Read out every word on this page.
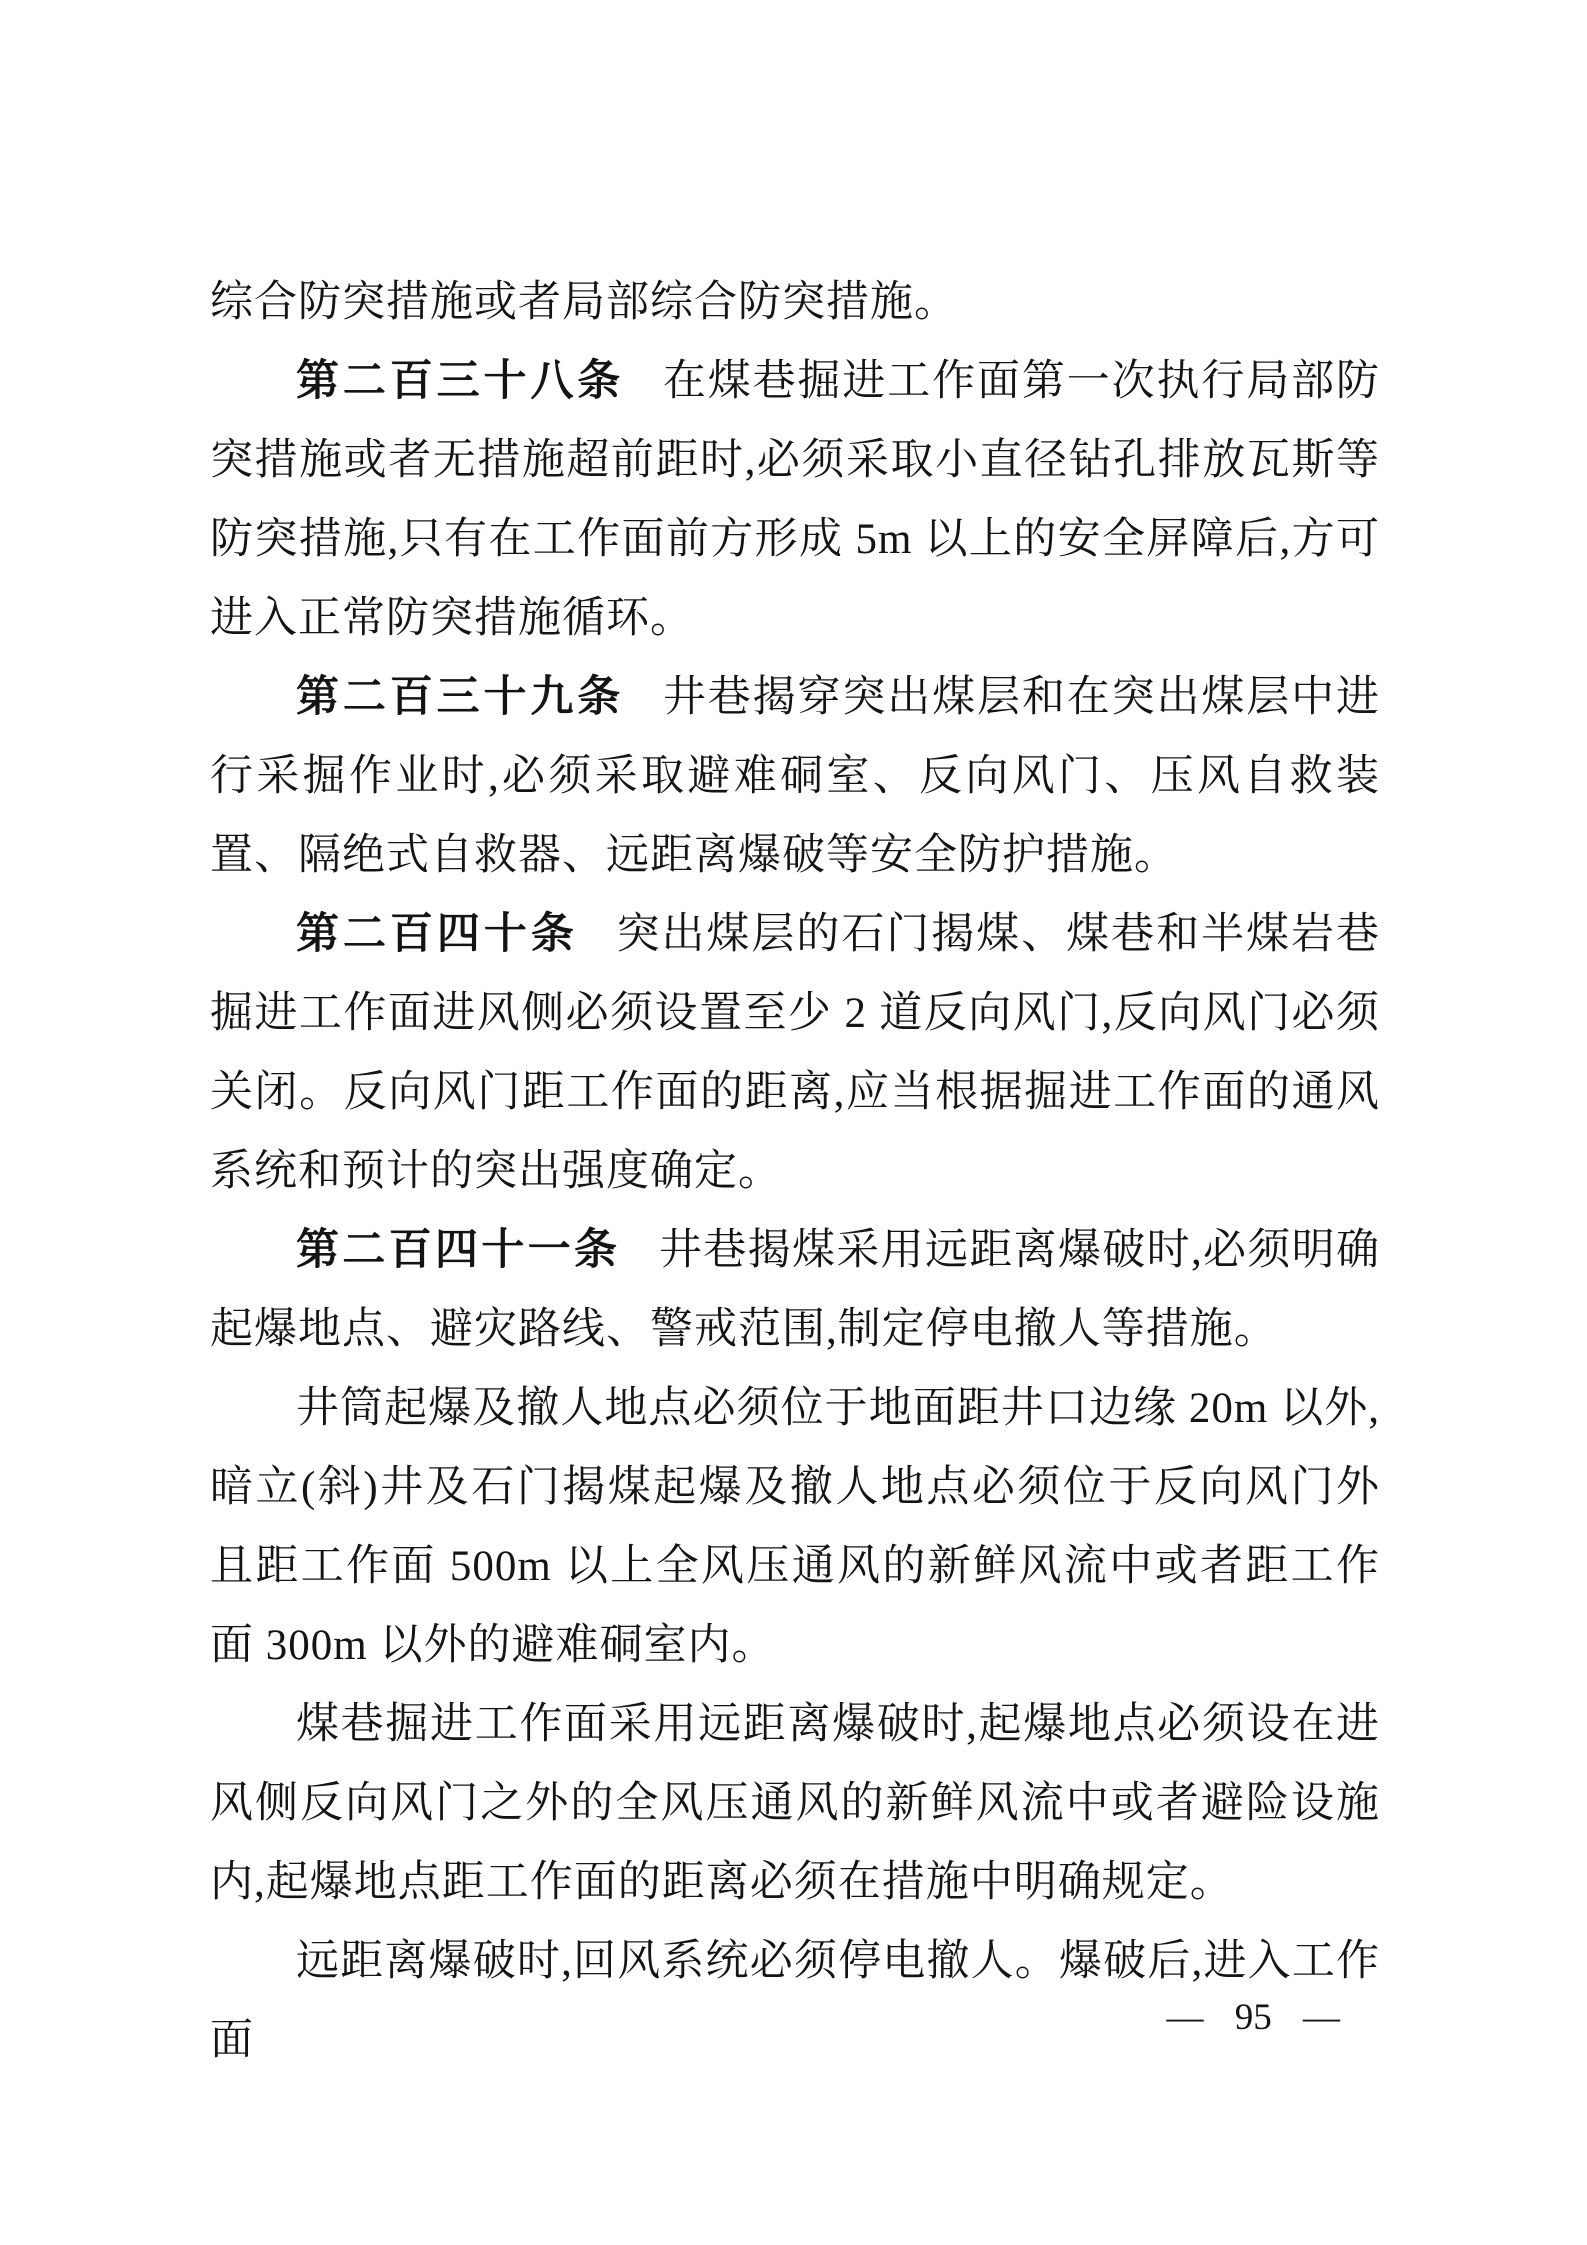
综合防突措施或者局部综合防突措施。

第二百三十八条 在煤巷掘进工作面第一次执行局部防突措施或者无措施超前距时,必须采取小直径钻孔排放瓦斯等防突措施,只有在工作面前方形成 5m 以上的安全屏障后,方可进入正常防突措施循环。

第二百三十九条 井巷揭穿突出煤层和在突出煤层中进行采掘作业时,必须采取避难硐室、反向风门、压风自救装置、隔绝式自救器、远距离爆破等安全防护措施。

第二百四十条 突出煤层的石门揭煤、煤巷和半煤岩巷掘进工作面进风侧必须设置至少 2 道反向风门,反向风门必须关闭。反向风门距工作面的距离,应当根据掘进工作面的通风系统和预计的突出强度确定。

第二百四十一条 井巷揭煤采用远距离爆破时,必须明确起爆地点、避灾路线、警戒范围,制定停电撤人等措施。

井筒起爆及撤人地点必须位于地面距井口边缘 20m 以外,暗立(斜)井及石门揭煤起爆及撤人地点必须位于反向风门外且距工作面 500m 以上全风压通风的新鲜风流中或者距工作面 300m 以外的避难硐室内。

煤巷掘进工作面采用远距离爆破时,起爆地点必须设在进风侧反向风门之外的全风压通风的新鲜风流中或者避险设施内,起爆地点距工作面的距离必须在措施中明确规定。

远距离爆破时,回风系统必须停电撤人。爆破后,进入工作面	— 95 —
